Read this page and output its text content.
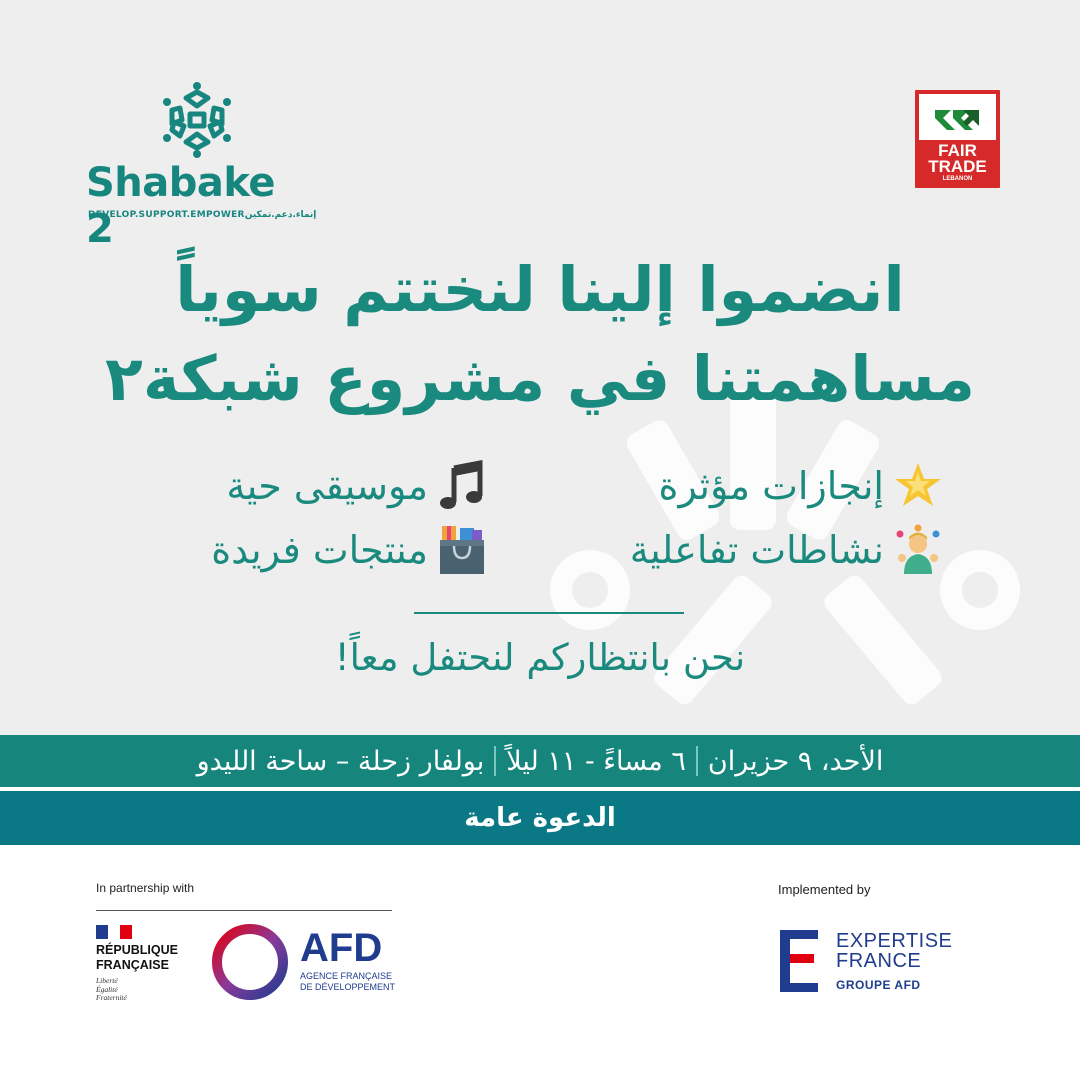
Shabake 2
DEVELOP.SUPPORT.EMPOWER إنماء.دعم.تمكين
FAIR
TRADE
LEBANON
انضموا إلينا لنختتم سوياً
مساهمتنا في مشروع شبكة٢
إنجازات مؤثرة
نشاطات تفاعلية
موسيقى حية
منتجات فريدة
نحن بانتظاركم لنحتفل معاً!
الأحد، ٩ حزيران
٦ مساءً - ١١ ليلاً
بولفار زحلة – ساحة الليدو
الدعوة عامة
In partnership with
RÉPUBLIQUE
FRANÇAISE
Liberté
Égalité
Fraternité
AFD
AGENCE FRANÇAISE
DE DÉVELOPPEMENT
Implemented by
EXPERTISE
FRANCE
GROUPE AFD
